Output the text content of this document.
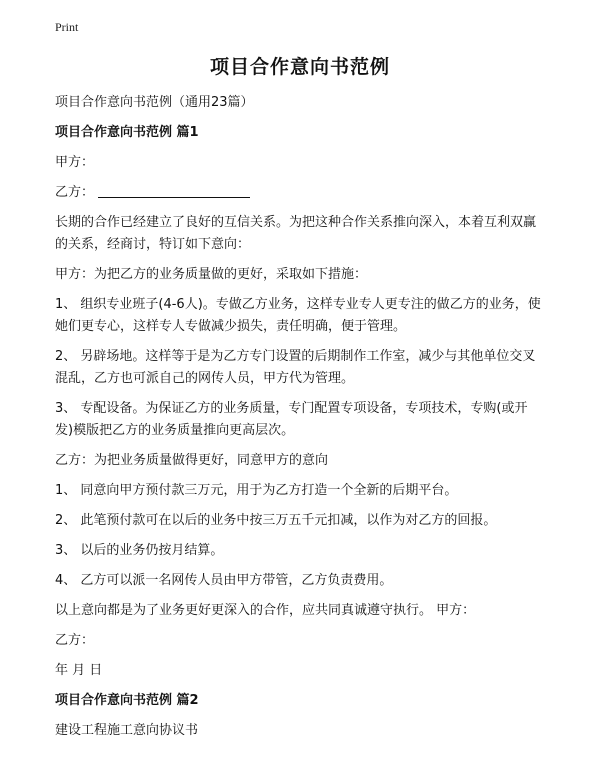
Print
项目合作意向书范例

项目合作意向书范例（通用23篇）

项目合作意向书范例 篇1

甲方：

乙方：

长期的合作已经建立了良好的互信关系。为把这种合作关系推向深入，本着互利双赢的关系，经商讨，特订如下意向：

甲方：为把乙方的业务质量做的更好，采取如下措施：

1、 组织专业班子(4-6人)。专做乙方业务，这样专业专人更专注的做乙方的业务，使她们更专心，这样专人专做减少损失，责任明确，便于管理。

2、 另辟场地。这样等于是为乙方专门设置的后期制作工作室，减少与其他单位交叉混乱，乙方也可派自己的网传人员，甲方代为管理。

3、 专配设备。为保证乙方的业务质量，专门配置专项设备，专项技术，专购(或开发)模版把乙方的业务质量推向更高层次。

乙方：为把业务质量做得更好，同意甲方的意向

1、 同意向甲方预付款三万元，用于为乙方打造一个全新的后期平台。

2、 此笔预付款可在以后的业务中按三万五千元扣减，以作为对乙方的回报。

3、 以后的业务仍按月结算。

4、 乙方可以派一名网传人员由甲方带管，乙方负责费用。

以上意向都是为了业务更好更深入的合作，应共同真诚遵守执行。 甲方：

乙方：

年 月 日

项目合作意向书范例 篇2

建设工程施工意向协议书
